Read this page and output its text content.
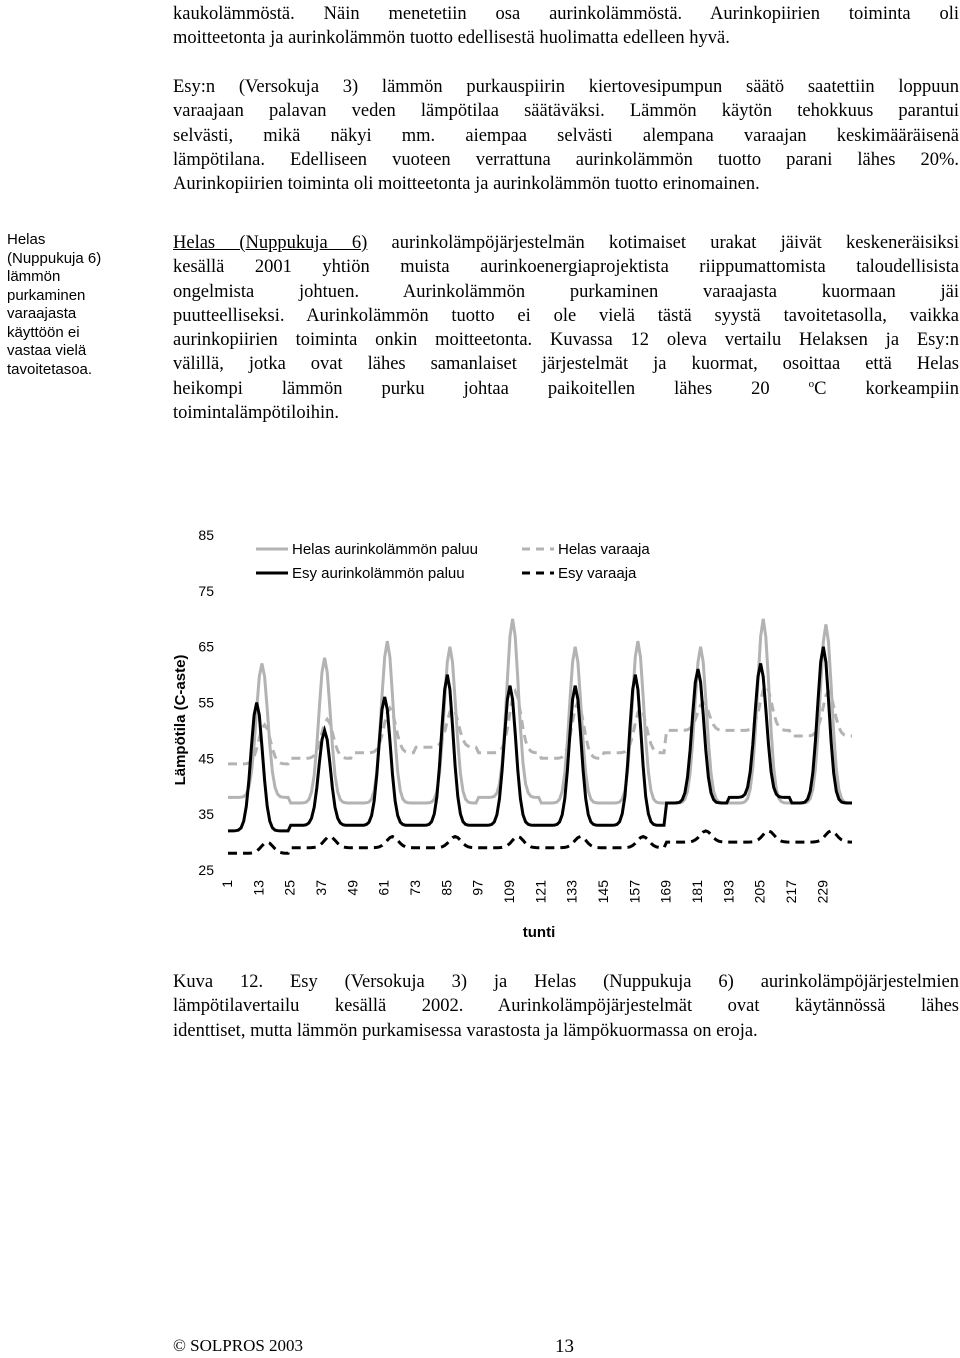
kaukolämmöstä. Näin menetetiin osa aurinkolämmöstä. Aurinkopiirien toiminta oli
moitteetonta ja aurinkolämmön tuotto edellisestä huolimatta edelleen hyvä.
Esy:n (Versokuja 3) lämmön purkauspiirin kiertovesipumpun säätö saatettiin loppuun
varaajaan palavan veden lämpötilaa säätäväksi. Lämmön käytön tehokkuus parantui
selvästi, mikä näkyi mm. aiempaa selvästi alempana varaajan keskimääräisenä
lämpötilana. Edelliseen vuoteen verrattuna aurinkolämmön tuotto parani lähes 20%.
Aurinkopiirien toiminta oli moitteetonta ja aurinkolämmön tuotto erinomainen.
Helas
(Nuppukuja 6)
lämmön
purkaminen
varaajasta
käyttöön ei
vastaa vielä
tavoitetasoa.
Helas (Nuppukuja 6) aurinkolämpöjärjestelmän kotimaiset urakat jäivät keskeneräisiksi
kesällä 2001 yhtiön muista aurinkoenergiaprojektista riippumattomista taloudellisista
ongelmista johtuen. Aurinkolämmön purkaminen varaajasta kuormaan jäi
puutteelliseksi. Aurinkolämmön tuotto ei ole vielä tästä syystä tavoitetasolla, vaikka
aurinkopiirien toiminta onkin moitteetonta. Kuvassa 12 oleva vertailu Helaksen ja Esy:n
välillä, jotka ovat lähes samanlaiset järjestelmät ja kuormat, osoittaa että Helas
heikompi lämmön purku johtaa paikoitellen lähes 20 $^o$C korkeampiin
toimintalämpötiloihin.
Lämpötila (C-aste)
25
35
45
55
65
75
85
1 13 25 37 49 61 73 85 97 109 121 133 145 157 169 181 193 205 217 229
Helas aurinkolämmön paluu
Esy aurinkolämmön paluu
Helas varaaja
Esy varaaja
tunti
Kuva 12. Esy (Versokuja 3) ja Helas (Nuppukuja 6) aurinkolämpöjärjestelmien
lämpötilavertailu kesällä 2002. Aurinkolämpöjärjestelmät ovat käytännössä lähes
identtiset, mutta lämmön purkamisessa varastosta ja lämpökuormassa on eroja.
© SOLPROS 2003	13
